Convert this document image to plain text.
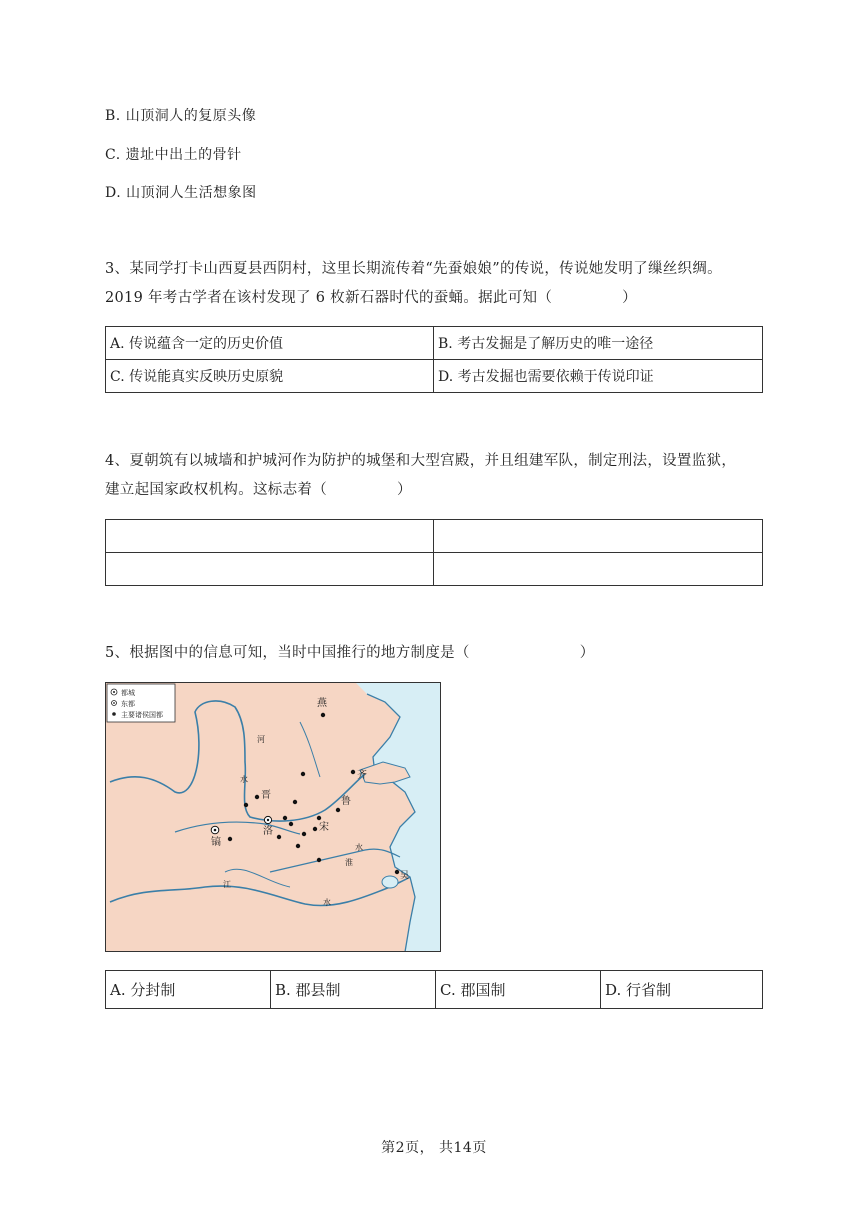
B. 山顶洞人的复原头像
C. 遗址中出土的骨针
D. 山顶洞人生活想象图
3、某同学打卡山西夏县西阴村，这里长期流传着“先蚕娘娘”的传说，传说她发明了缫丝织绸。
2019 年考古学者在该村发现了 6 枚新石器时代的蚕蛹。据此可知（	）
A. 传说蕴含一定的历史价值	B. 考古发掘是了解历史的唯一途径
C. 传说能真实反映历史原貌	D. 考古发掘也需要依赖于传说印证
4、夏朝筑有以城墙和护城河作为防护的城堡和大型宫殿，并且组建军队，制定刑法，设置监狱，
建立起国家政权机构。这标志着（	）

5、根据图中的信息可知，当时中国推行的地方制度是（	）
都城
东都
主要诸侯国都
燕
齐
鲁
晋
宋
洛
镐
吴
河
水
江
淮
水
水
A. 分封制	B. 郡县制	C. 郡国制	D. 行省制
第2页， 共14页
